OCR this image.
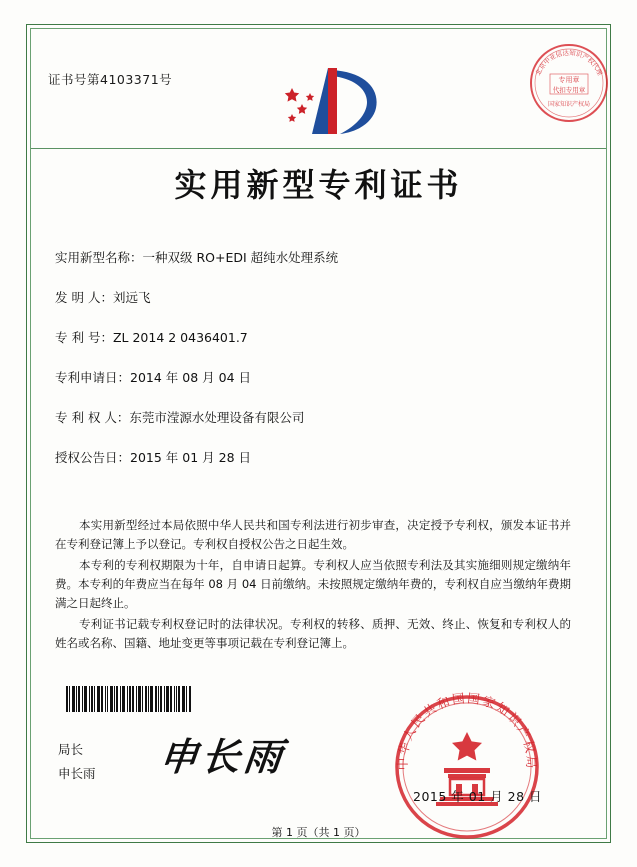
证书号第4103371号	北京中业信达知识产权代理
专用章
代扣专用章
国家知识产权局
实用新型专利证书
实用新型名称：一种双级 RO+EDI 超纯水处理系统
发 明 人：刘远飞
专 利 号：ZL 2014 2 0436401.7
专利申请日：2014 年 08 月 04 日
专 利 权 人：东莞市滢源水处理设备有限公司
授权公告日：2015 年 01 月 28 日

本实用新型经过本局依照中华人民共和国专利法进行初步审查，决定授予专利权，颁发本证书并在专利登记簿上予以登记。专利权自授权公告之日起生效。

本专利的专利权期限为十年，自申请日起算。专利权人应当依照专利法及其实施细则规定缴纳年费。本专利的年费应当在每年 08 月 04 日前缴纳。未按照规定缴纳年费的，专利权自应当缴纳年费期满之日起终止。

专利证书记载专利权登记时的法律状况。专利权的转移、质押、无效、终止、恢复和专利权人的姓名或名称、国籍、地址变更等事项记载在专利登记簿上。

局长
申长雨 申长雨	中华人民共和国国家知识产权局
2015 年 01 月 28 日
第 1 页（共 1 页）
